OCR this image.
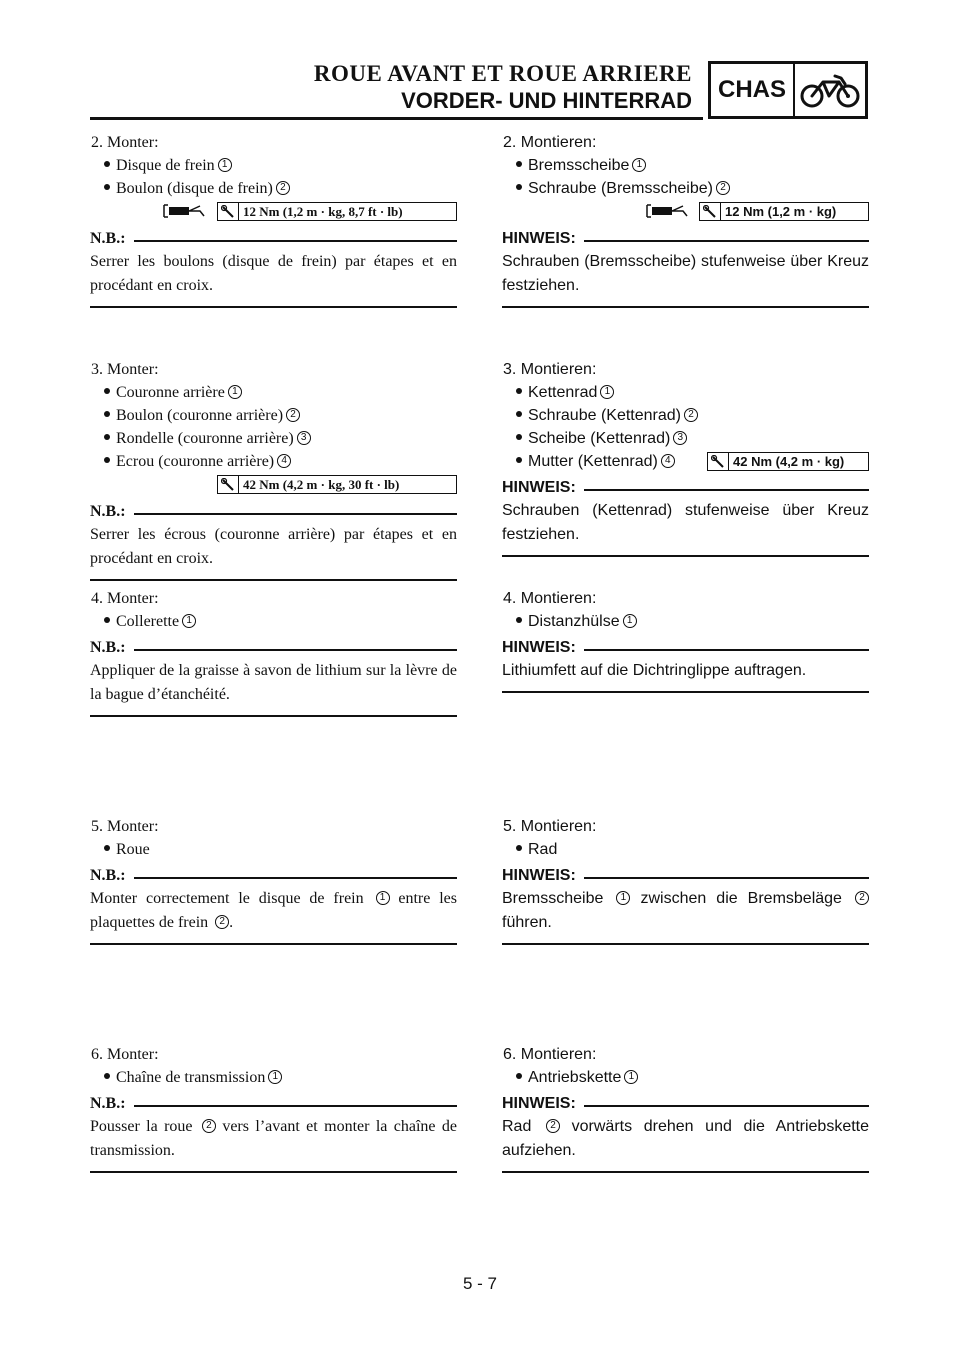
ROUE AVANT ET ROUE ARRIERE
VORDER- UND HINTERRAD CHAS
2. Monter:
Disque de frein 1
Boulon (disque de frein) 2
12 Nm (1,2 m · kg, 8,7 ft · lb)
N.B.:
Serrer les boulons (disque de frein) par étapes et en procédant en croix.
3. Monter:
Couronne arrière 1
Boulon (couronne arrière) 2
Rondelle (couronne arrière) 3
Ecrou (couronne arrière) 4
42 Nm (4,2 m · kg, 30 ft · lb)
N.B.:
Serrer les écrous (couronne arrière) par étapes et en procédant en croix.
4. Monter:
Collerette 1
N.B.:
Appliquer de la graisse à savon de lithium sur la lèvre de la bague d’étanchéité.
5. Monter:
Roue
N.B.:
Monter correctement le disque de frein 1 entre les plaquettes de frein 2 .
6. Monter:
Chaîne de transmission 1
N.B.:
Pousser la roue 2 vers l’avant et monter la chaîne de transmission.
2. Montieren:
Bremsscheibe 1
Schraube (Bremsscheibe) 2
12 Nm (1,2 m · kg)
HINWEIS:
Schrauben (Bremsscheibe) stufenweise über Kreuz festziehen.
3. Montieren:
Kettenrad 1
Schraube (Kettenrad) 2
Scheibe (Kettenrad) 3
Mutter (Kettenrad) 4	42 Nm (4,2 m · kg)
HINWEIS:
Schrauben (Kettenrad) stufenweise über Kreuz festziehen.
4. Montieren:
Distanzhülse 1
HINWEIS:
Lithiumfett auf die Dichtringlippe auftragen.
5. Montieren:
Rad
HINWEIS:
Bremsscheibe 1 zwischen die Bremsbeläge 2 führen.
6. Montieren:
Antriebskette 1
HINWEIS:
Rad 2 vorwärts drehen und die Antriebskette aufziehen.
5 - 7
